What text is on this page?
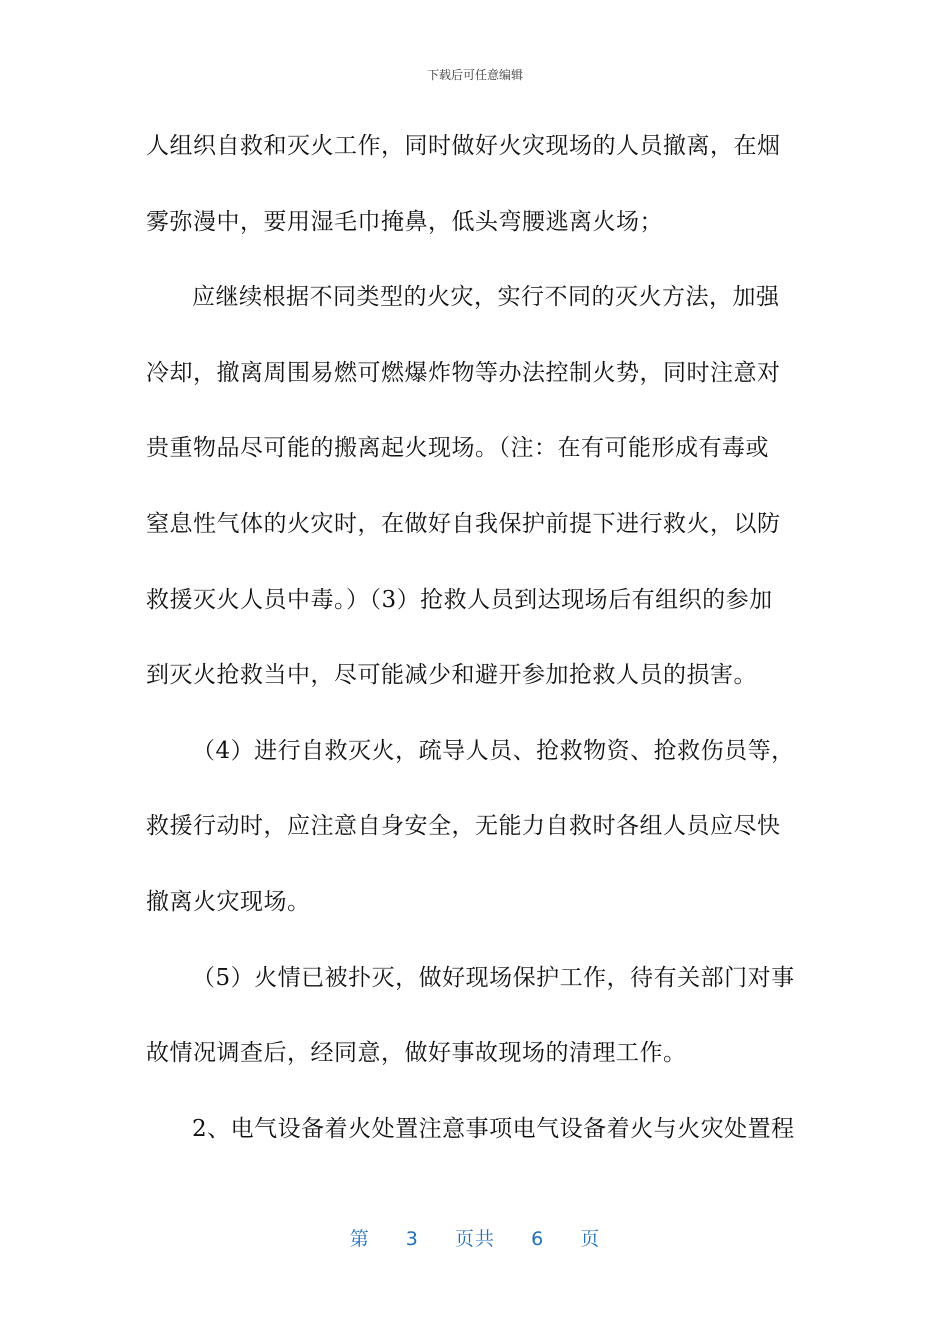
下载后可任意编辑
人组织自救和灭火工作，同时做好火灾现场的人员撤离，在烟
雾弥漫中，要用湿毛巾掩鼻，低头弯腰逃离火场；
应继续根据不同类型的火灾，实行不同的灭火方法，加强
冷却，撤离周围易燃可燃爆炸物等办法控制火势，同时注意对
贵重物品尽可能的搬离起火现场。（注：在有可能形成有毒或
窒息性气体的火灾时，在做好自我保护前提下进行救火，以防
救援灭火人员中毒。）（3）抢救人员到达现场后有组织的参加
到灭火抢救当中，尽可能减少和避开参加抢救人员的损害。
（4）进行自救灭火，疏导人员、抢救物资、抢救伤员等，
救援行动时，应注意自身安全，无能力自救时各组人员应尽快
撤离火灾现场。
（5）火情已被扑灭，做好现场保护工作，待有关部门对事
故情况调查后，经同意，做好事故现场的清理工作。
2、电气设备着火处置注意事项电气设备着火与火灾处置程
第 3 页共 6 页
